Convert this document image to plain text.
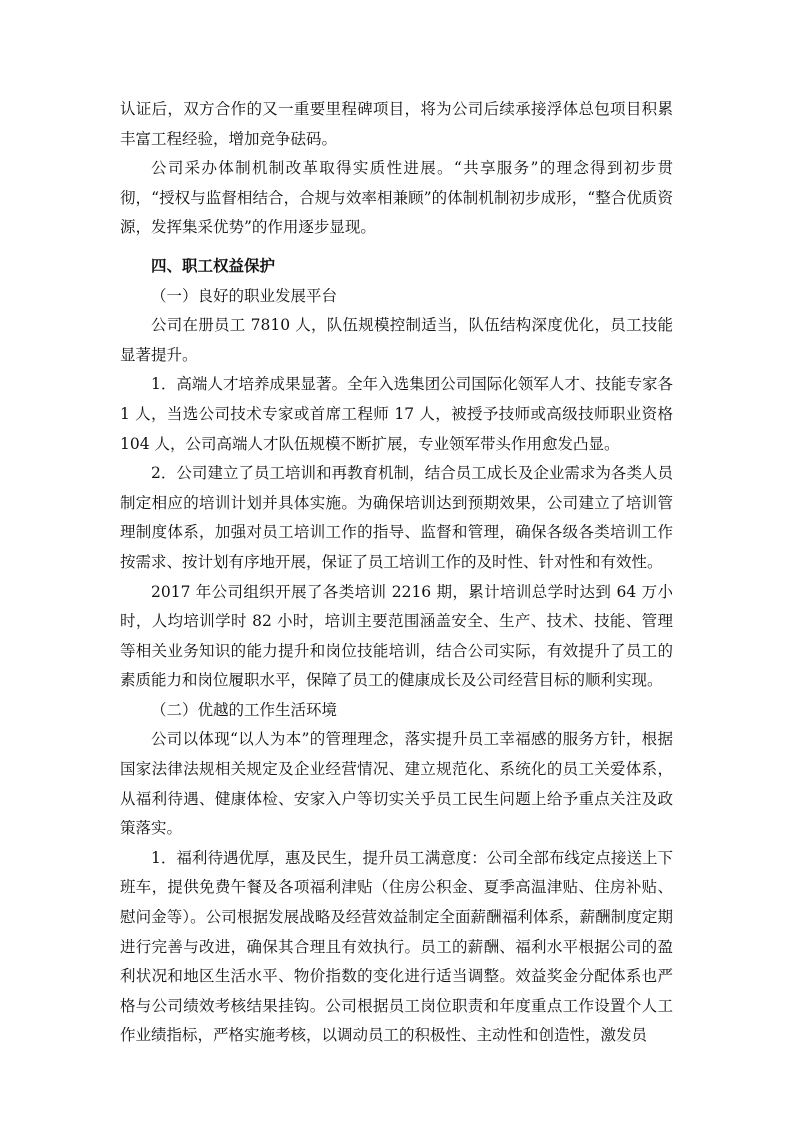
认证后，双方合作的又一重要里程碑项目，将为公司后续承接浮体总包项目积累丰富工程经验，增加竞争砝码。

公司采办体制机制改革取得实质性进展。“共享服务”的理念得到初步贯彻，“授权与监督相结合，合规与效率相兼顾”的体制机制初步成形，“整合优质资源，发挥集采优势”的作用逐步显现。

四、职工权益保护

（一）良好的职业发展平台

公司在册员工 7810 人，队伍规模控制适当，队伍结构深度优化，员工技能显著提升。

1．高端人才培养成果显著。全年入选集团公司国际化领军人才、技能专家各 1 人，当选公司技术专家或首席工程师 17 人，被授予技师或高级技师职业资格 104 人，公司高端人才队伍规模不断扩展，专业领军带头作用愈发凸显。

2．公司建立了员工培训和再教育机制，结合员工成长及企业需求为各类人员制定相应的培训计划并具体实施。为确保培训达到预期效果，公司建立了培训管理制度体系，加强对员工培训工作的指导、监督和管理，确保各级各类培训工作按需求、按计划有序地开展，保证了员工培训工作的及时性、针对性和有效性。

2017 年公司组织开展了各类培训 2216 期，累计培训总学时达到 64 万小时，人均培训学时 82 小时，培训主要范围涵盖安全、生产、技术、技能、管理等相关业务知识的能力提升和岗位技能培训，结合公司实际，有效提升了员工的素质能力和岗位履职水平，保障了员工的健康成长及公司经营目标的顺利实现。

（二）优越的工作生活环境

公司以体现“以人为本”的管理理念，落实提升员工幸福感的服务方针，根据国家法律法规相关规定及企业经营情况、建立规范化、系统化的员工关爱体系，从福利待遇、健康体检、安家入户等切实关乎员工民生问题上给予重点关注及政策落实。

1．福利待遇优厚，惠及民生，提升员工满意度：公司全部布线定点接送上下班车，提供免费午餐及各项福利津贴（住房公积金、夏季高温津贴、住房补贴、慰问金等）。公司根据发展战略及经营效益制定全面薪酬福利体系，薪酬制度定期进行完善与改进，确保其合理且有效执行。员工的薪酬、福利水平根据公司的盈利状况和地区生活水平、物价指数的变化进行适当调整。效益奖金分配体系也严格与公司绩效考核结果挂钩。公司根据员工岗位职责和年度重点工作设置个人工作业绩指标，严格实施考核，以调动员工的积极性、主动性和创造性，激发员
